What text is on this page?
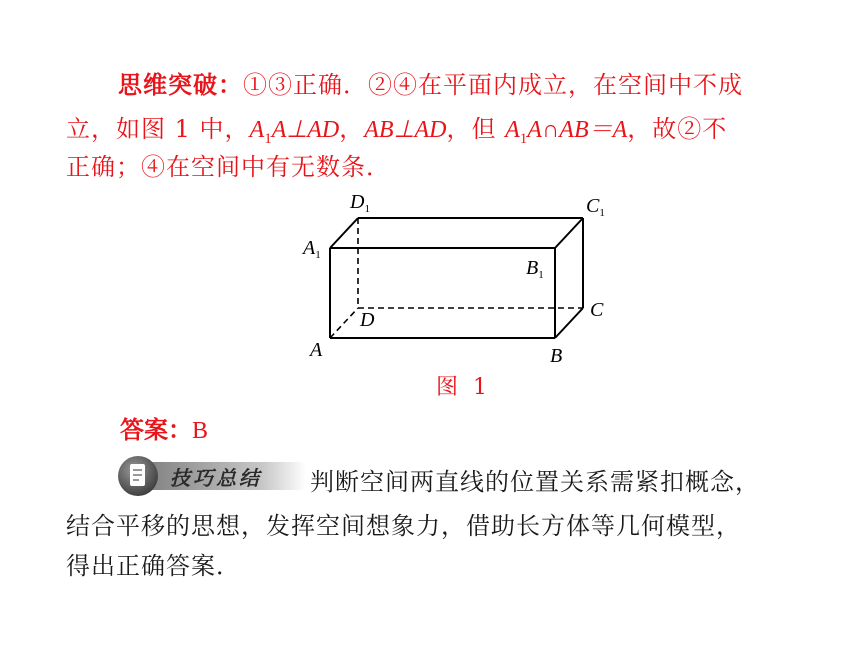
思维突破：①③正确．②④在平面内成立，在空间中不成
立，如图 1 中，$A_1A\perp AD$，AB⊥AD，但 $A_1A\cap AB=A$，故②不
正确；④在空间中有无数条．
$D_1$	$C_1$
$A_1$
$B_1$
D	C
A	B
图 1
答案：B
技巧总结 判断空间两直线的位置关系需紧扣概念，
结合平移的思想，发挥空间想象力，借助长方体等几何模型，
得出正确答案．
